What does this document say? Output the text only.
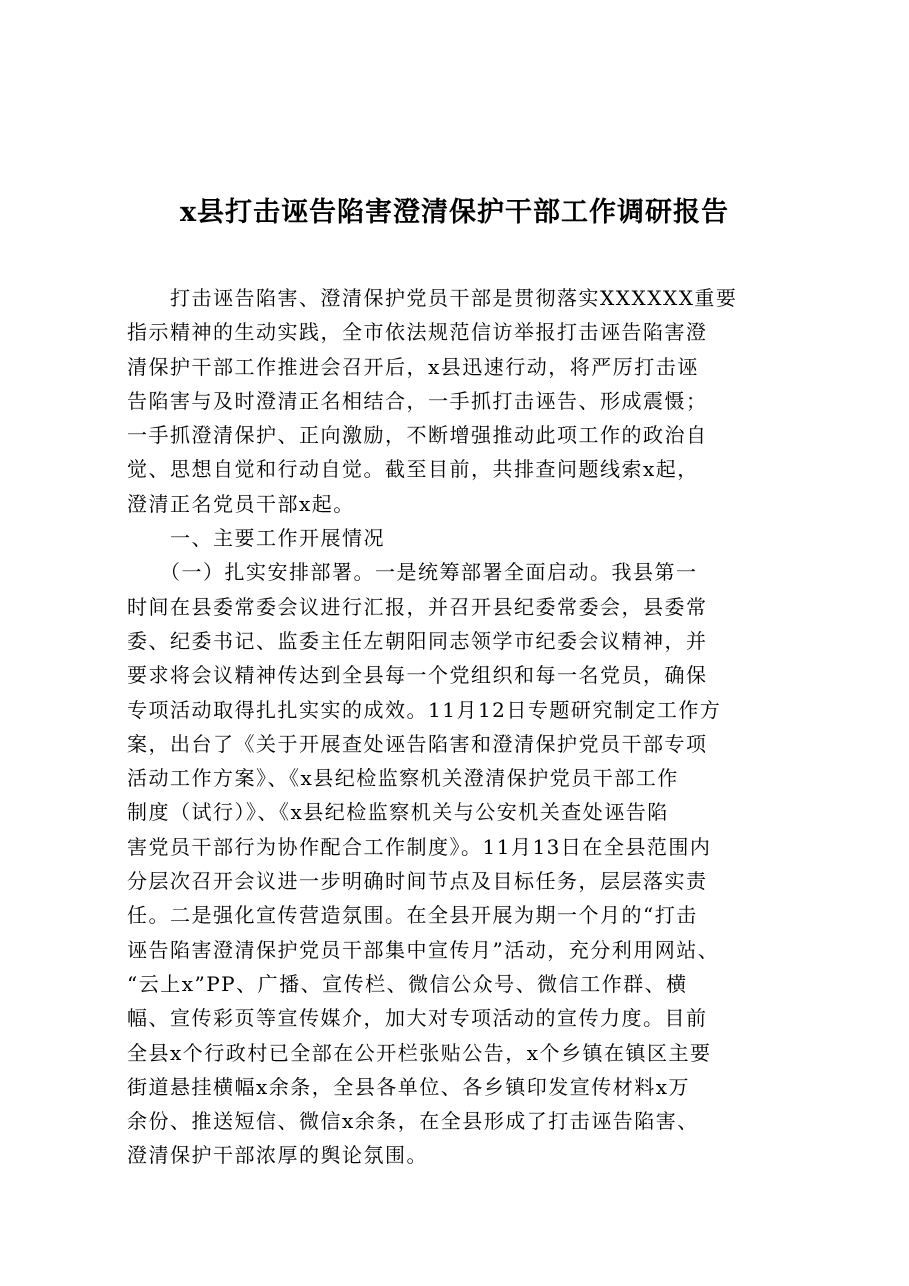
x县打击诬告陷害澄清保护干部工作调研报告
　　打击诬告陷害、澄清保护党员干部是贯彻落实XXXXXX重要
指示精神的生动实践，全市依法规范信访举报打击诬告陷害澄
清保护干部工作推进会召开后，x县迅速行动，将严厉打击诬
告陷害与及时澄清正名相结合，一手抓打击诬告、形成震慑；
一手抓澄清保护、正向激励，不断增强推动此项工作的政治自
觉、思想自觉和行动自觉。截至目前，共排查问题线索x起，
澄清正名党员干部x起。
　　一、主要工作开展情况
　　（一）扎实安排部署。一是统筹部署全面启动。我县第一
时间在县委常委会议进行汇报，并召开县纪委常委会，县委常
委、纪委书记、监委主任左朝阳同志领学市纪委会议精神，并
要求将会议精神传达到全县每一个党组织和每一名党员，确保
专项活动取得扎扎实实的成效。11月12日专题研究制定工作方
案，出台了《关于开展查处诬告陷害和澄清保护党员干部专项
活动工作方案》、《x县纪检监察机关澄清保护党员干部工作
制度（试行）》、《x县纪检监察机关与公安机关查处诬告陷
害党员干部行为协作配合工作制度》。11月13日在全县范围内
分层次召开会议进一步明确时间节点及目标任务，层层落实责
任。二是强化宣传营造氛围。在全县开展为期一个月的“打击
诬告陷害澄清保护党员干部集中宣传月”活动，充分利用网站、
“云上x”PP、广播、宣传栏、微信公众号、微信工作群、横
幅、宣传彩页等宣传媒介，加大对专项活动的宣传力度。目前
全县x个行政村已全部在公开栏张贴公告，x个乡镇在镇区主要
街道悬挂横幅x余条，全县各单位、各乡镇印发宣传材料x万
余份、推送短信、微信x余条，在全县形成了打击诬告陷害、
澄清保护干部浓厚的舆论氛围。
